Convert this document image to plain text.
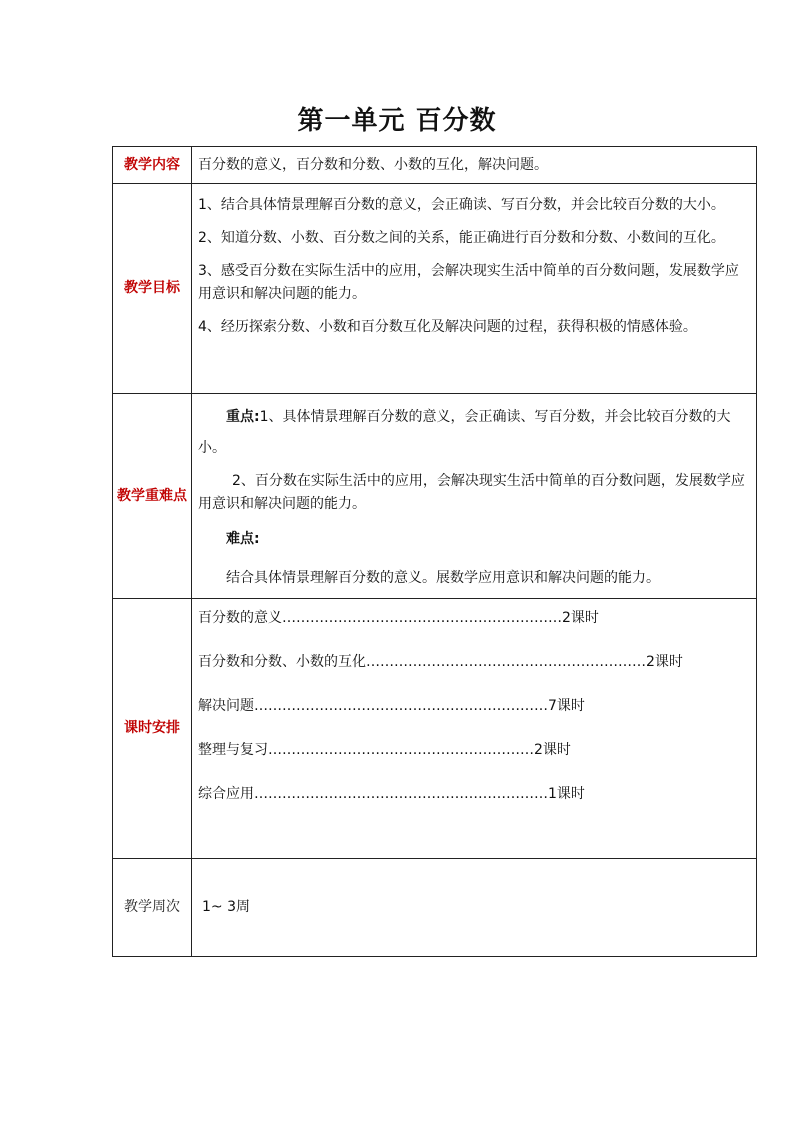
第一单元 百分数
教学内容	百分数的意义，百分数和分数、小数的互化，解决问题。

教学目标	1、结合具体情景理解百分数的意义，会正确读、写百分数，并会比较百分数的大小。

2、知道分数、小数、百分数之间的关系，能正确进行百分数和分数、小数间的互化。

3、感受百分数在实际生活中的应用，会解决现实生活中简单的百分数问题，发展数学应用意识和解决问题的能力。

4、经历探索分数、小数和百分数互化及解决问题的过程，获得积极的情感体验。

教学重难点	重点:1、具体情景理解百分数的意义，会正确读、写百分数，并会比较百分数的大小。

2、百分数在实际生活中的应用，会解决现实生活中简单的百分数问题，发展数学应用意识和解决问题的能力。

难点:

结合具体情景理解百分数的意义。展数学应用意识和解决问题的能力。

课时安排	百分数的意义……………………………………………………2课时
百分数和分数、小数的互化……………………………………………………2课时
解决问题………………………………………………………7课时
整理与复习…………………………………………………2课时
综合应用………………………………………………………1课时

教学周次	1~ 3周
